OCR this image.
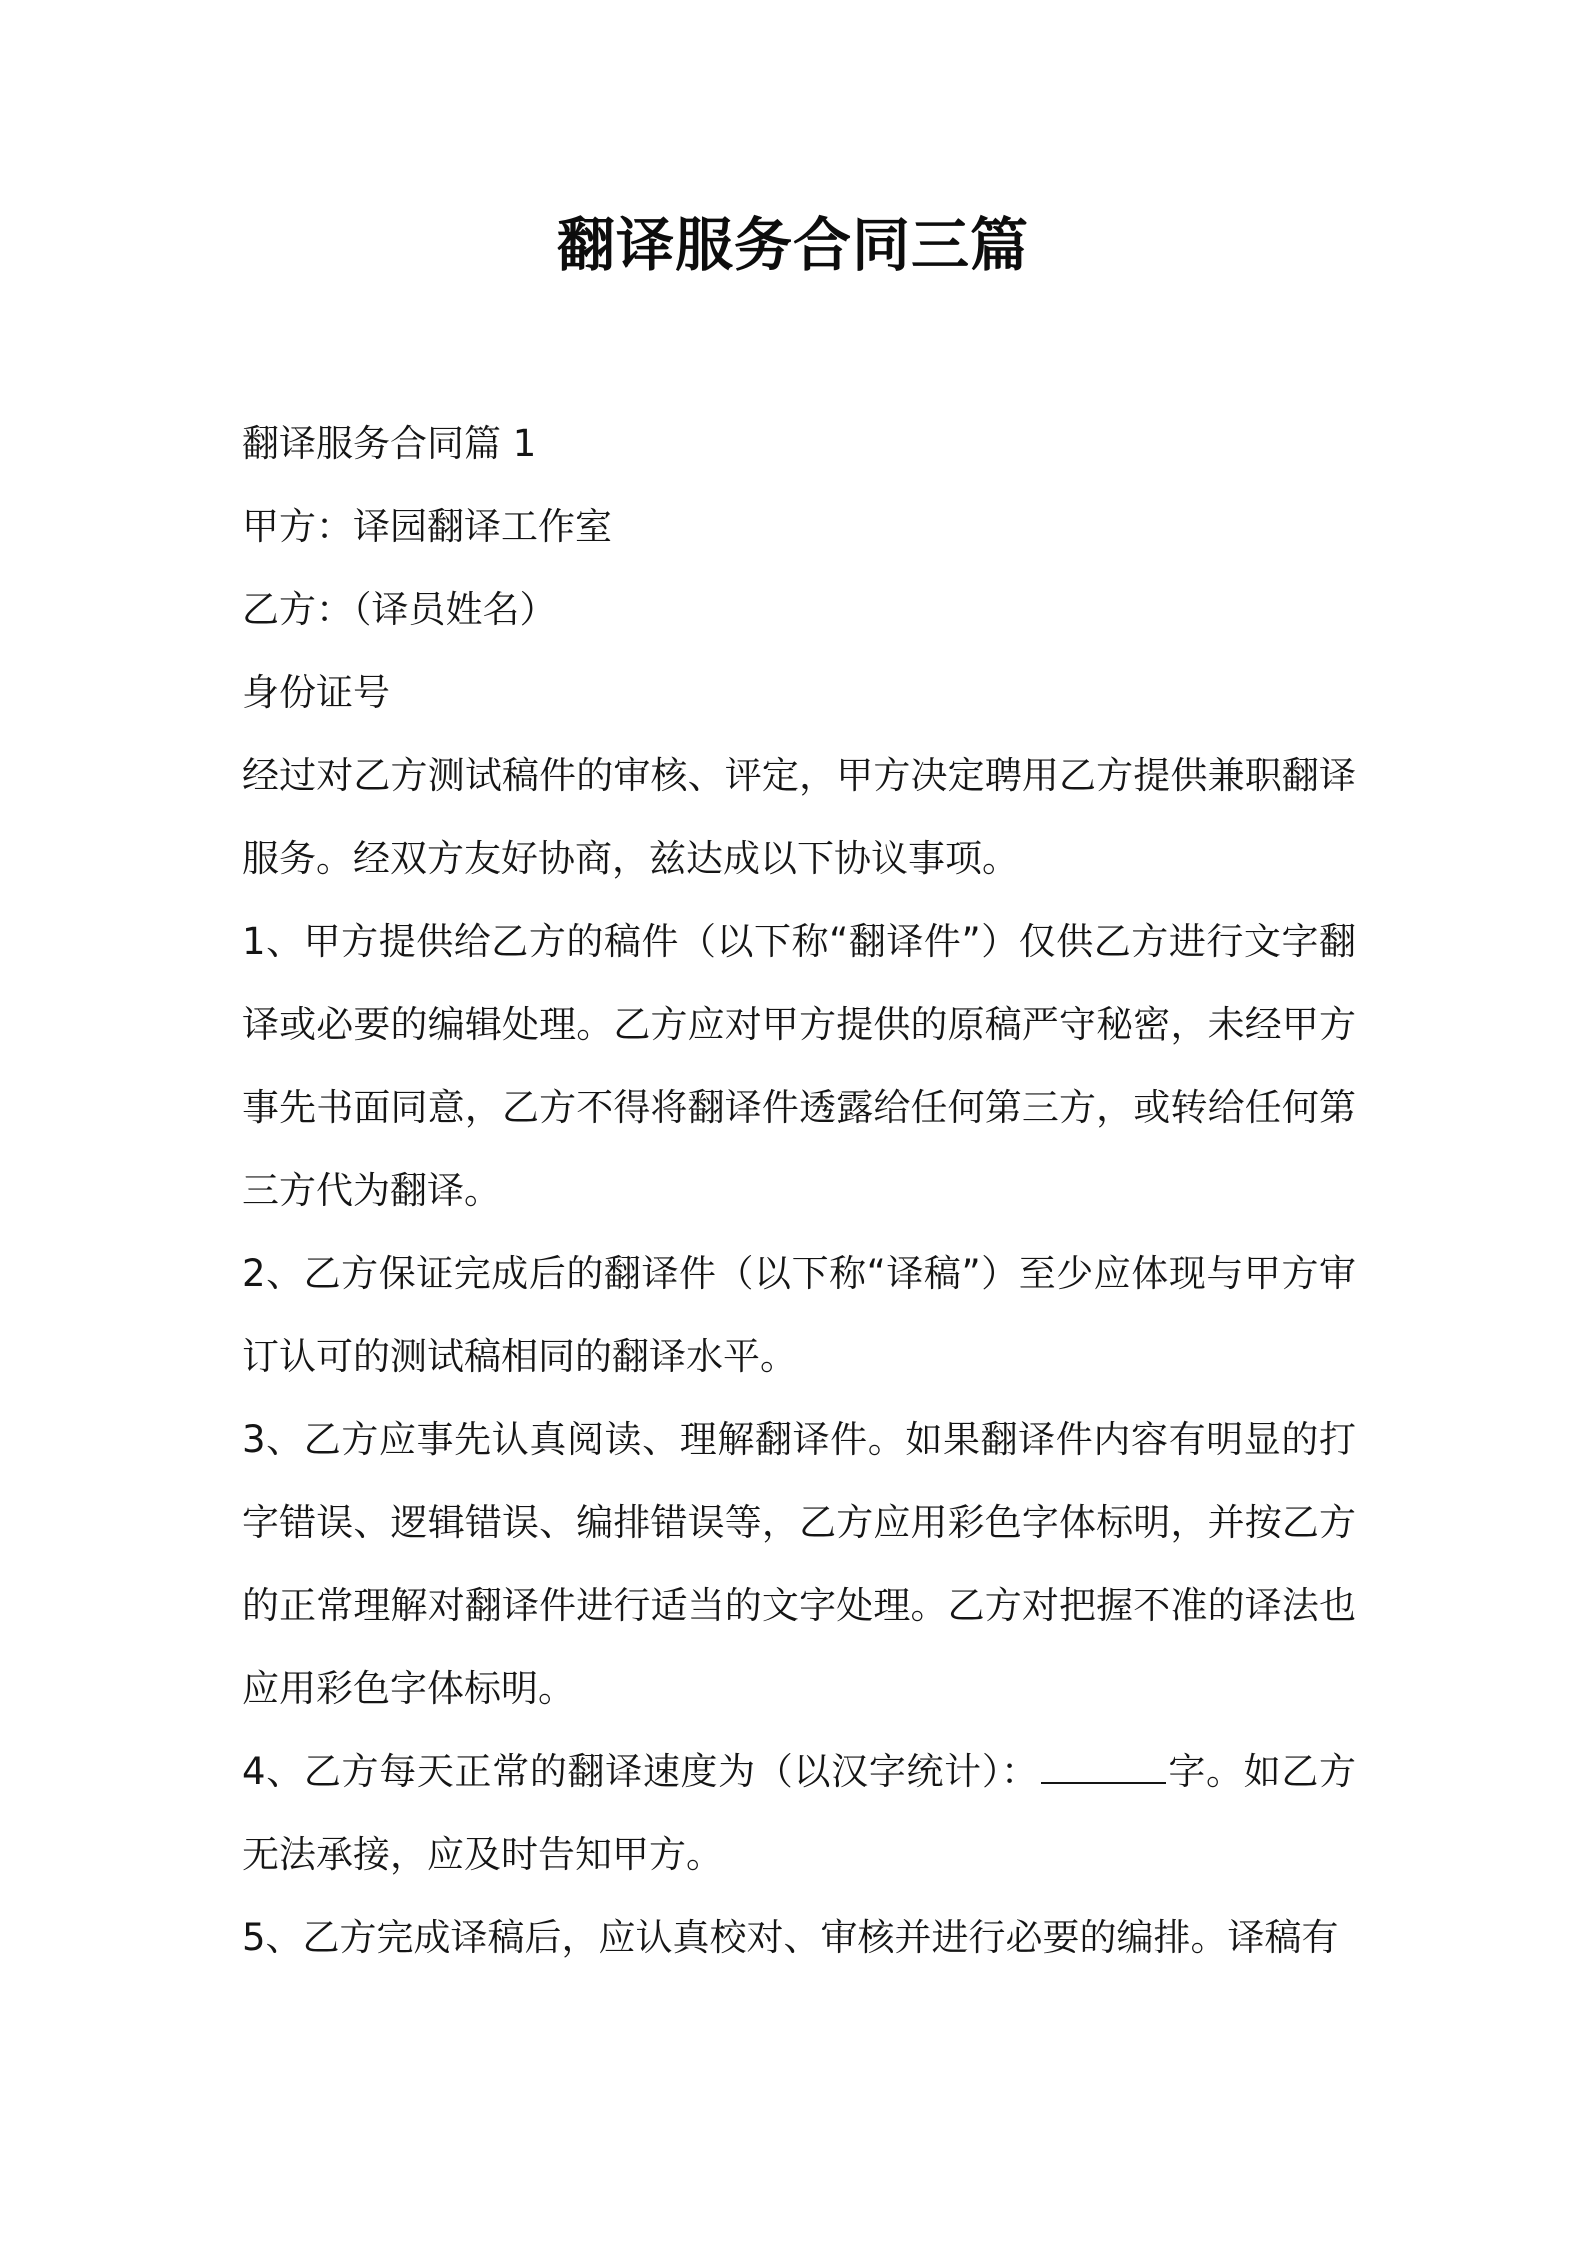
翻译服务合同三篇

翻译服务合同篇 1

甲方：译园翻译工作室

乙方：（译员姓名）

身份证号

经过对乙方测试稿件的审核、评定，甲方决定聘用乙方提供兼职翻译服务。经双方友好协商，兹达成以下协议事项。

1、甲方提供给乙方的稿件（以下称“翻译件”）仅供乙方进行文字翻译或必要的编辑处理。乙方应对甲方提供的原稿严守秘密，未经甲方事先书面同意，乙方不得将翻译件透露给任何第三方，或转给任何第三方代为翻译。

2、乙方保证完成后的翻译件（以下称“译稿”）至少应体现与甲方审订认可的测试稿相同的翻译水平。

3、乙方应事先认真阅读、理解翻译件。如果翻译件内容有明显的打字错误、逻辑错误、编排错误等，乙方应用彩色字体标明，并按乙方的正常理解对翻译件进行适当的文字处理。乙方对把握不准的译法也应用彩色字体标明。

4、乙方每天正常的翻译速度为（以汉字统计）：	字。如乙方无法承接，应及时告知甲方。

5、乙方完成译稿后，应认真校对、审核并进行必要的编排。译稿有
